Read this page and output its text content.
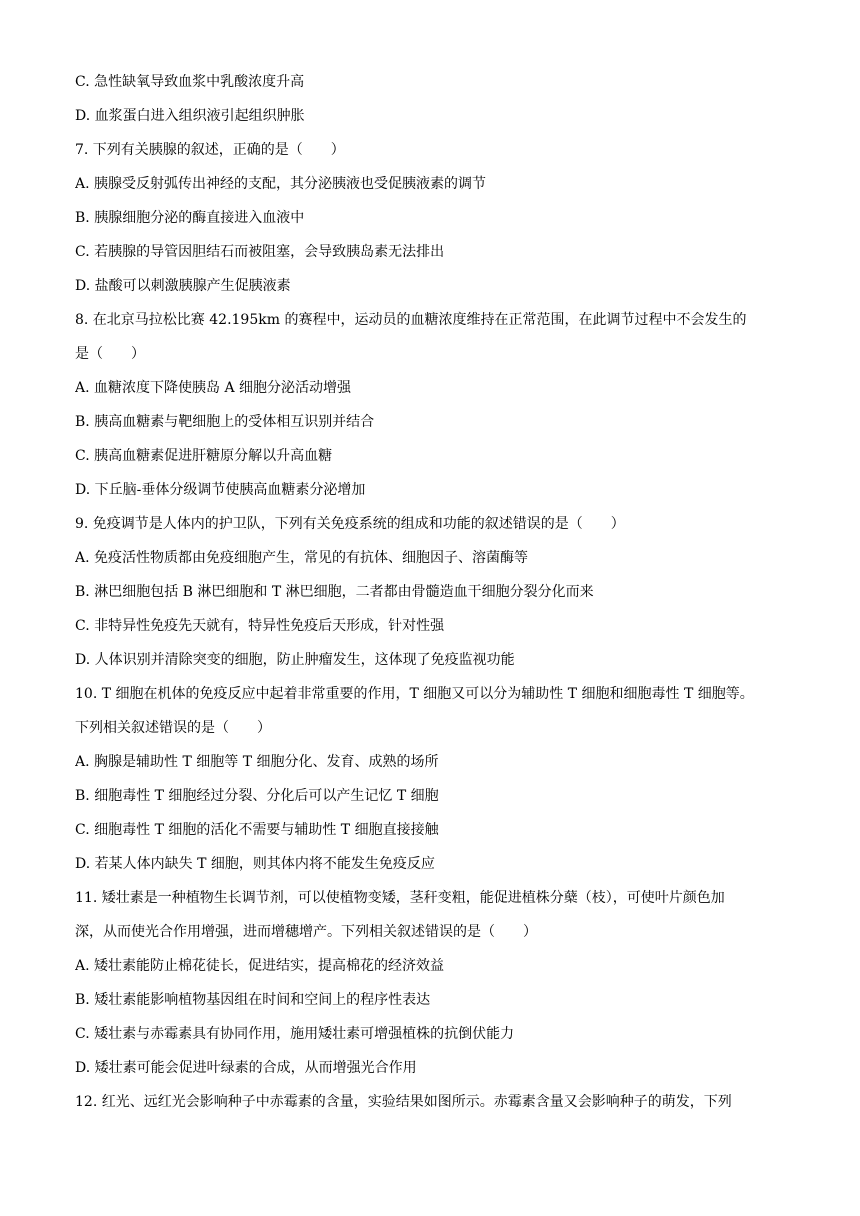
C. 急性缺氧导致血浆中乳酸浓度升高
D. 血浆蛋白进入组织液引起组织肿胀
7. 下列有关胰腺的叙述，正确的是（　　）
A. 胰腺受反射弧传出神经的支配，其分泌胰液也受促胰液素的调节
B. 胰腺细胞分泌的酶直接进入血液中
C. 若胰腺的导管因胆结石而被阻塞，会导致胰岛素无法排出
D. 盐酸可以刺激胰腺产生促胰液素
8. 在北京马拉松比赛 42.195km 的赛程中，运动员的血糖浓度维持在正常范围，在此调节过程中不会发生的
是（　　）
A. 血糖浓度下降使胰岛 A 细胞分泌活动增强
B. 胰高血糖素与靶细胞上的受体相互识别并结合
C. 胰高血糖素促进肝糖原分解以升高血糖
D. 下丘脑-垂体分级调节使胰高血糖素分泌增加
9. 免疫调节是人体内的护卫队，下列有关免疫系统的组成和功能的叙述错误的是（　　）
A. 免疫活性物质都由免疫细胞产生，常见的有抗体、细胞因子、溶菌酶等
B. 淋巴细胞包括 B 淋巴细胞和 T 淋巴细胞，二者都由骨髓造血干细胞分裂分化而来
C. 非特异性免疫先天就有，特异性免疫后天形成，针对性强
D. 人体识别并清除突变的细胞，防止肿瘤发生，这体现了免疫监视功能
10. T 细胞在机体的免疫反应中起着非常重要的作用，T 细胞又可以分为辅助性 T 细胞和细胞毒性 T 细胞等。
下列相关叙述错误的是（　　）
A. 胸腺是辅助性 T 细胞等 T 细胞分化、发育、成熟的场所
B. 细胞毒性 T 细胞经过分裂、分化后可以产生记忆 T 细胞
C. 细胞毒性 T 细胞的活化不需要与辅助性 T 细胞直接接触
D. 若某人体内缺失 T 细胞，则其体内将不能发生免疫反应
11. 矮壮素是一种植物生长调节剂，可以使植物变矮，茎秆变粗，能促进植株分蘖（枝），可使叶片颜色加
深，从而使光合作用增强，进而增穗增产。下列相关叙述错误的是（　　）
A. 矮壮素能防止棉花徒长，促进结实，提高棉花的经济效益
B. 矮壮素能影响植物基因组在时间和空间上的程序性表达
C. 矮壮素与赤霉素具有协同作用，施用矮壮素可增强植株的抗倒伏能力
D. 矮壮素可能会促进叶绿素的合成，从而增强光合作用
12. 红光、远红光会影响种子中赤霉素的含量，实验结果如图所示。赤霉素含量又会影响种子的萌发，下列
